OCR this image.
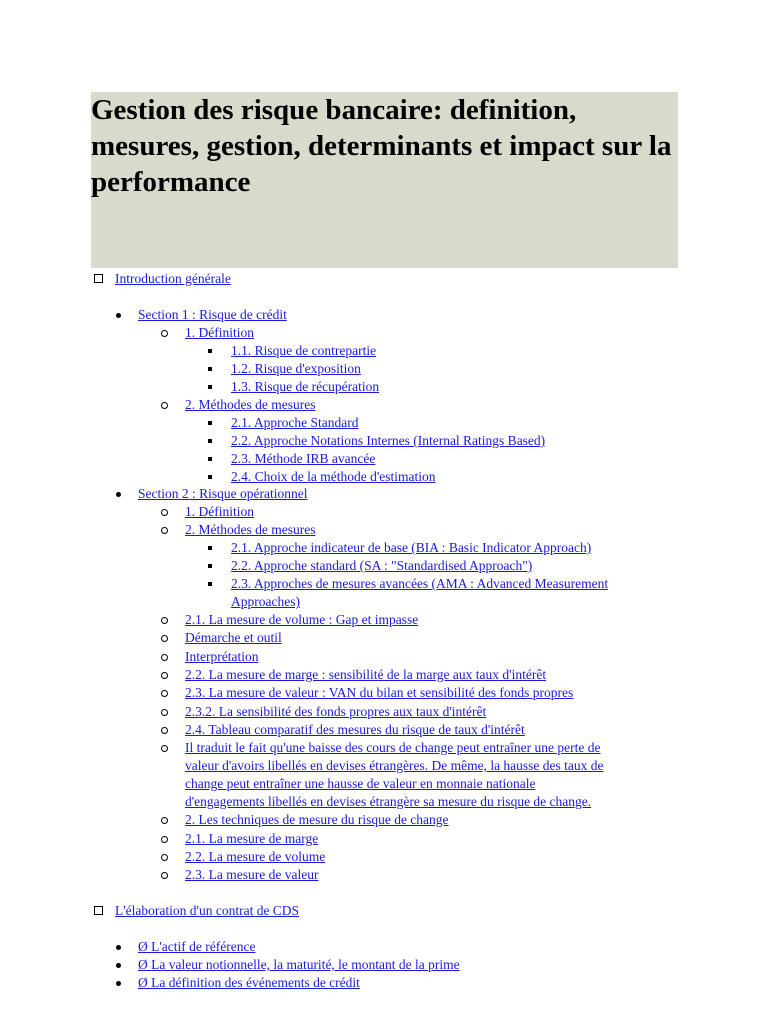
Gestion des risque bancaire: definition, mesures, gestion, determinants et impact sur la performance
Introduction générale
Section 1 : Risque de crédit
1. Définition
1.1. Risque de contrepartie
1.2. Risque d'exposition
1.3. Risque de récupération
2. Méthodes de mesures
2.1. Approche Standard
2.2. Approche Notations Internes (Internal Ratings Based)
2.3. Méthode IRB avancée
2.4. Choix de la méthode d'estimation
Section 2 : Risque opérationnel
1. Définition
2. Méthodes de mesures
2.1. Approche indicateur de base (BIA : Basic Indicator Approach)
2.2. Approche standard (SA : "Standardised Approach")
2.3. Approches de mesures avancées (AMA : Advanced Measurement
Approaches)
2.1. La mesure de volume : Gap et impasse
Démarche et outil
Interprétation
2.2. La mesure de marge : sensibilité de la marge aux taux d'intérêt
2.3. La mesure de valeur : VAN du bilan et sensibilité des fonds propres
2.3.2. La sensibilité des fonds propres aux taux d'intérêt
2.4. Tableau comparatif des mesures du risque de taux d'intérêt
Il traduit le fait qu'une baisse des cours de change peut entraîner une perte de
valeur d'avoirs libellés en devises étrangères. De même, la hausse des taux de
change peut entraîner une hausse de valeur en monnaie nationale
d'engagements libellés en devises étrangère sa mesure du risque de change.
2. Les techniques de mesure du risque de change
2.1. La mesure de marge
2.2. La mesure de volume
2.3. La mesure de valeur
L'élaboration d'un contrat de CDS
Ø L'actif de référence
Ø La valeur notionnelle, la maturité, le montant de la prime
Ø La définition des événements de crédit
